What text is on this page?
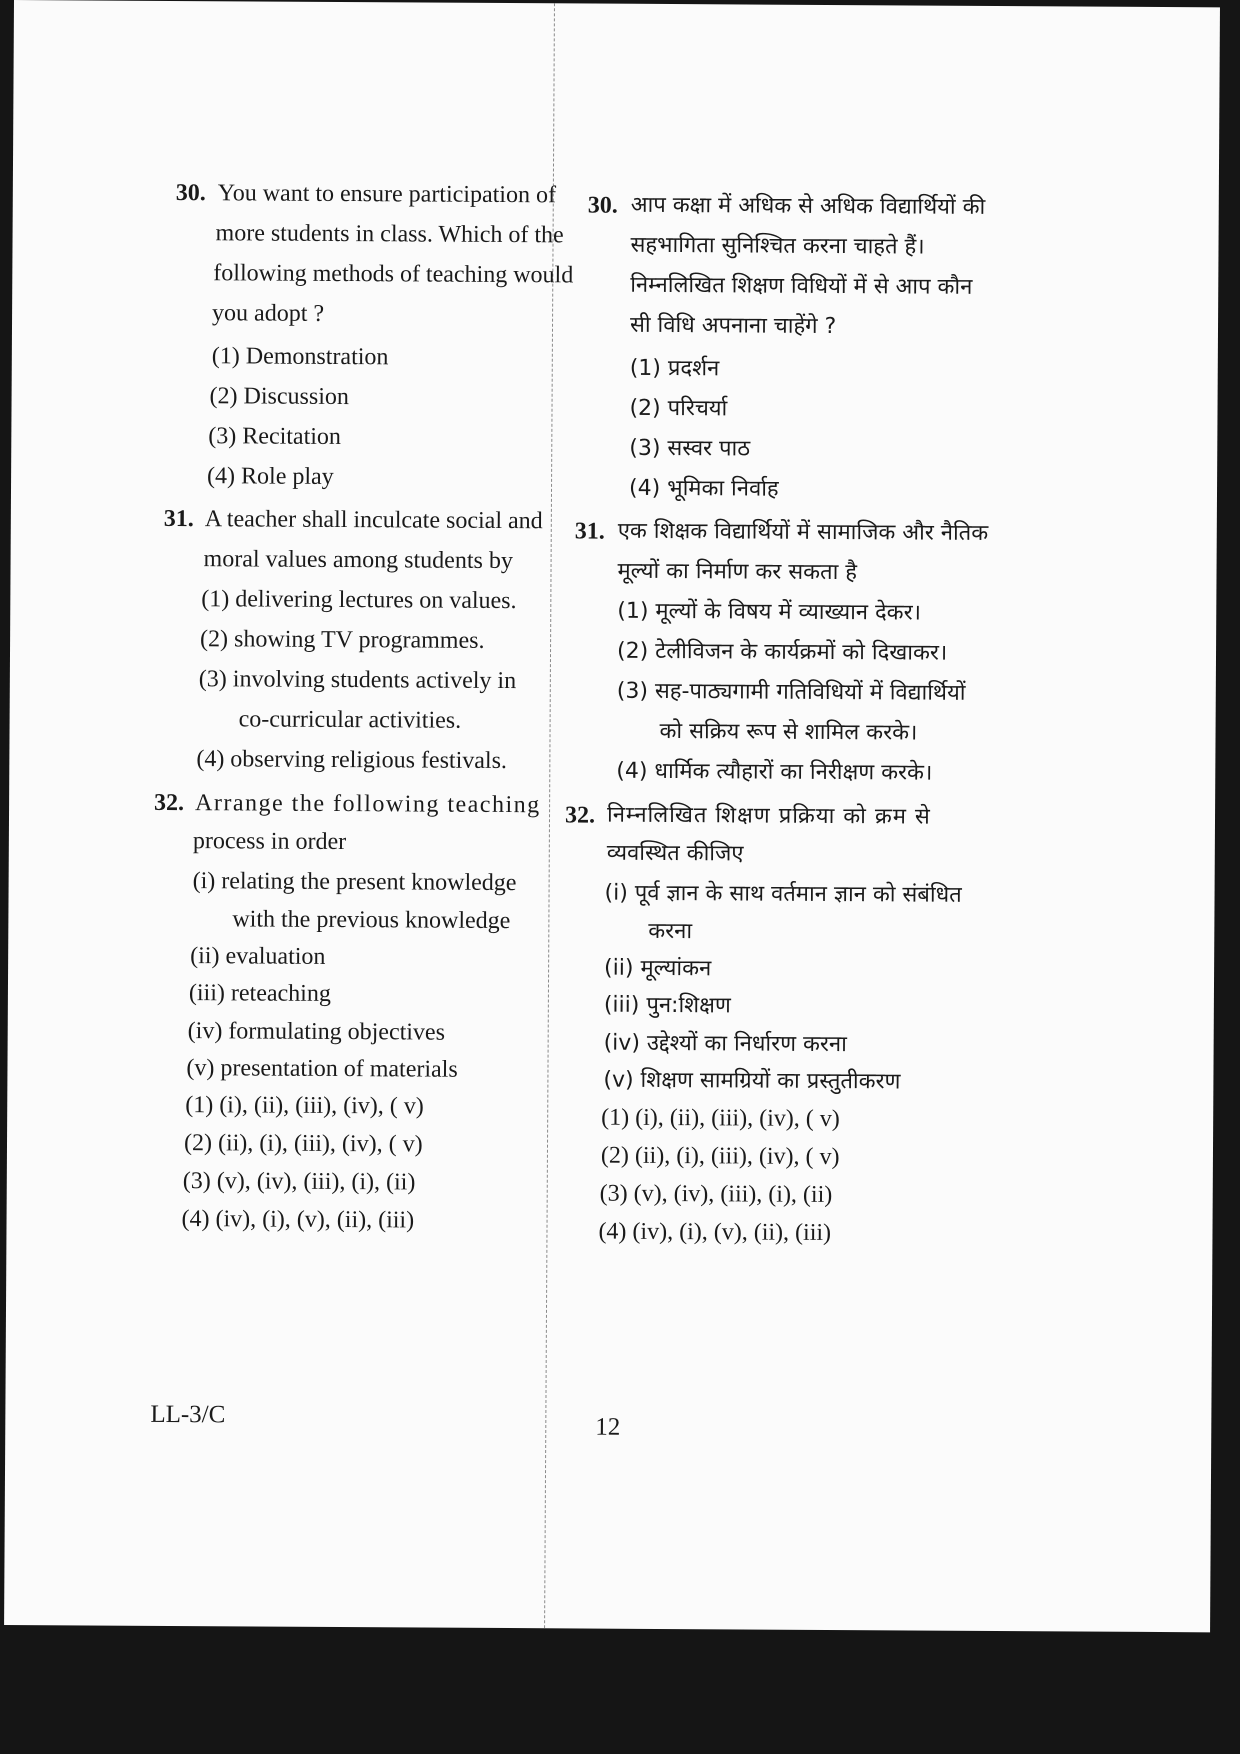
30. You want to ensure participation of
more students in class. Which of the
following methods of teaching would
you adopt ?
(1) Demonstration
(2) Discussion
(3) Recitation
(4) Role play
30. आप कक्षा में अधिक से अधिक विद्यार्थियों की
सहभागिता सुनिश्चित करना चाहते हैं।
निम्नलिखित शिक्षण विधियों में से आप कौन
सी विधि अपनाना चाहेंगे ?
(1) प्रदर्शन
(2) परिचर्या
(3) सस्वर पाठ
(4) भूमिका निर्वाह
31. A teacher shall inculcate social and
moral values among students by
(1) delivering lectures on values.
(2) showing TV programmes.
(3) involving students actively in
co-curricular activities.
(4) observing religious festivals.
31. एक शिक्षक विद्यार्थियों में सामाजिक और नैतिक
मूल्यों का निर्माण कर सकता है
(1) मूल्यों के विषय में व्याख्यान देकर।
(2) टेलीविजन के कार्यक्रमों को दिखाकर।
(3) सह-पाठ्यगामी गतिविधियों में विद्यार्थियों
को सक्रिय रूप से शामिल करके।
(4) धार्मिक त्यौहारों का निरीक्षण करके।
32. Arrange the following teaching
process in order
(i) relating the present knowledge
with the previous knowledge
(ii) evaluation
(iii) reteaching
(iv) formulating objectives
(v) presentation of materials
(1) (i), (ii), (iii), (iv), ( v)
(2) (ii), (i), (iii), (iv), ( v)
(3) (v), (iv), (iii), (i), (ii)
(4) (iv), (i), (v), (ii), (iii)
32. निम्नलिखित शिक्षण प्रक्रिया को क्रम से
व्यवस्थित कीजिए
(i) पूर्व ज्ञान के साथ वर्तमान ज्ञान को संबंधित
करना
(ii) मूल्यांकन
(iii) पुन:शिक्षण
(iv) उद्देश्यों का निर्धारण करना
(v) शिक्षण सामग्रियों का प्रस्तुतीकरण
(1) (i), (ii), (iii), (iv), ( v)
(2) (ii), (i), (iii), (iv), ( v)
(3) (v), (iv), (iii), (i), (ii)
(4) (iv), (i), (v), (ii), (iii)
LL-3/C	12
